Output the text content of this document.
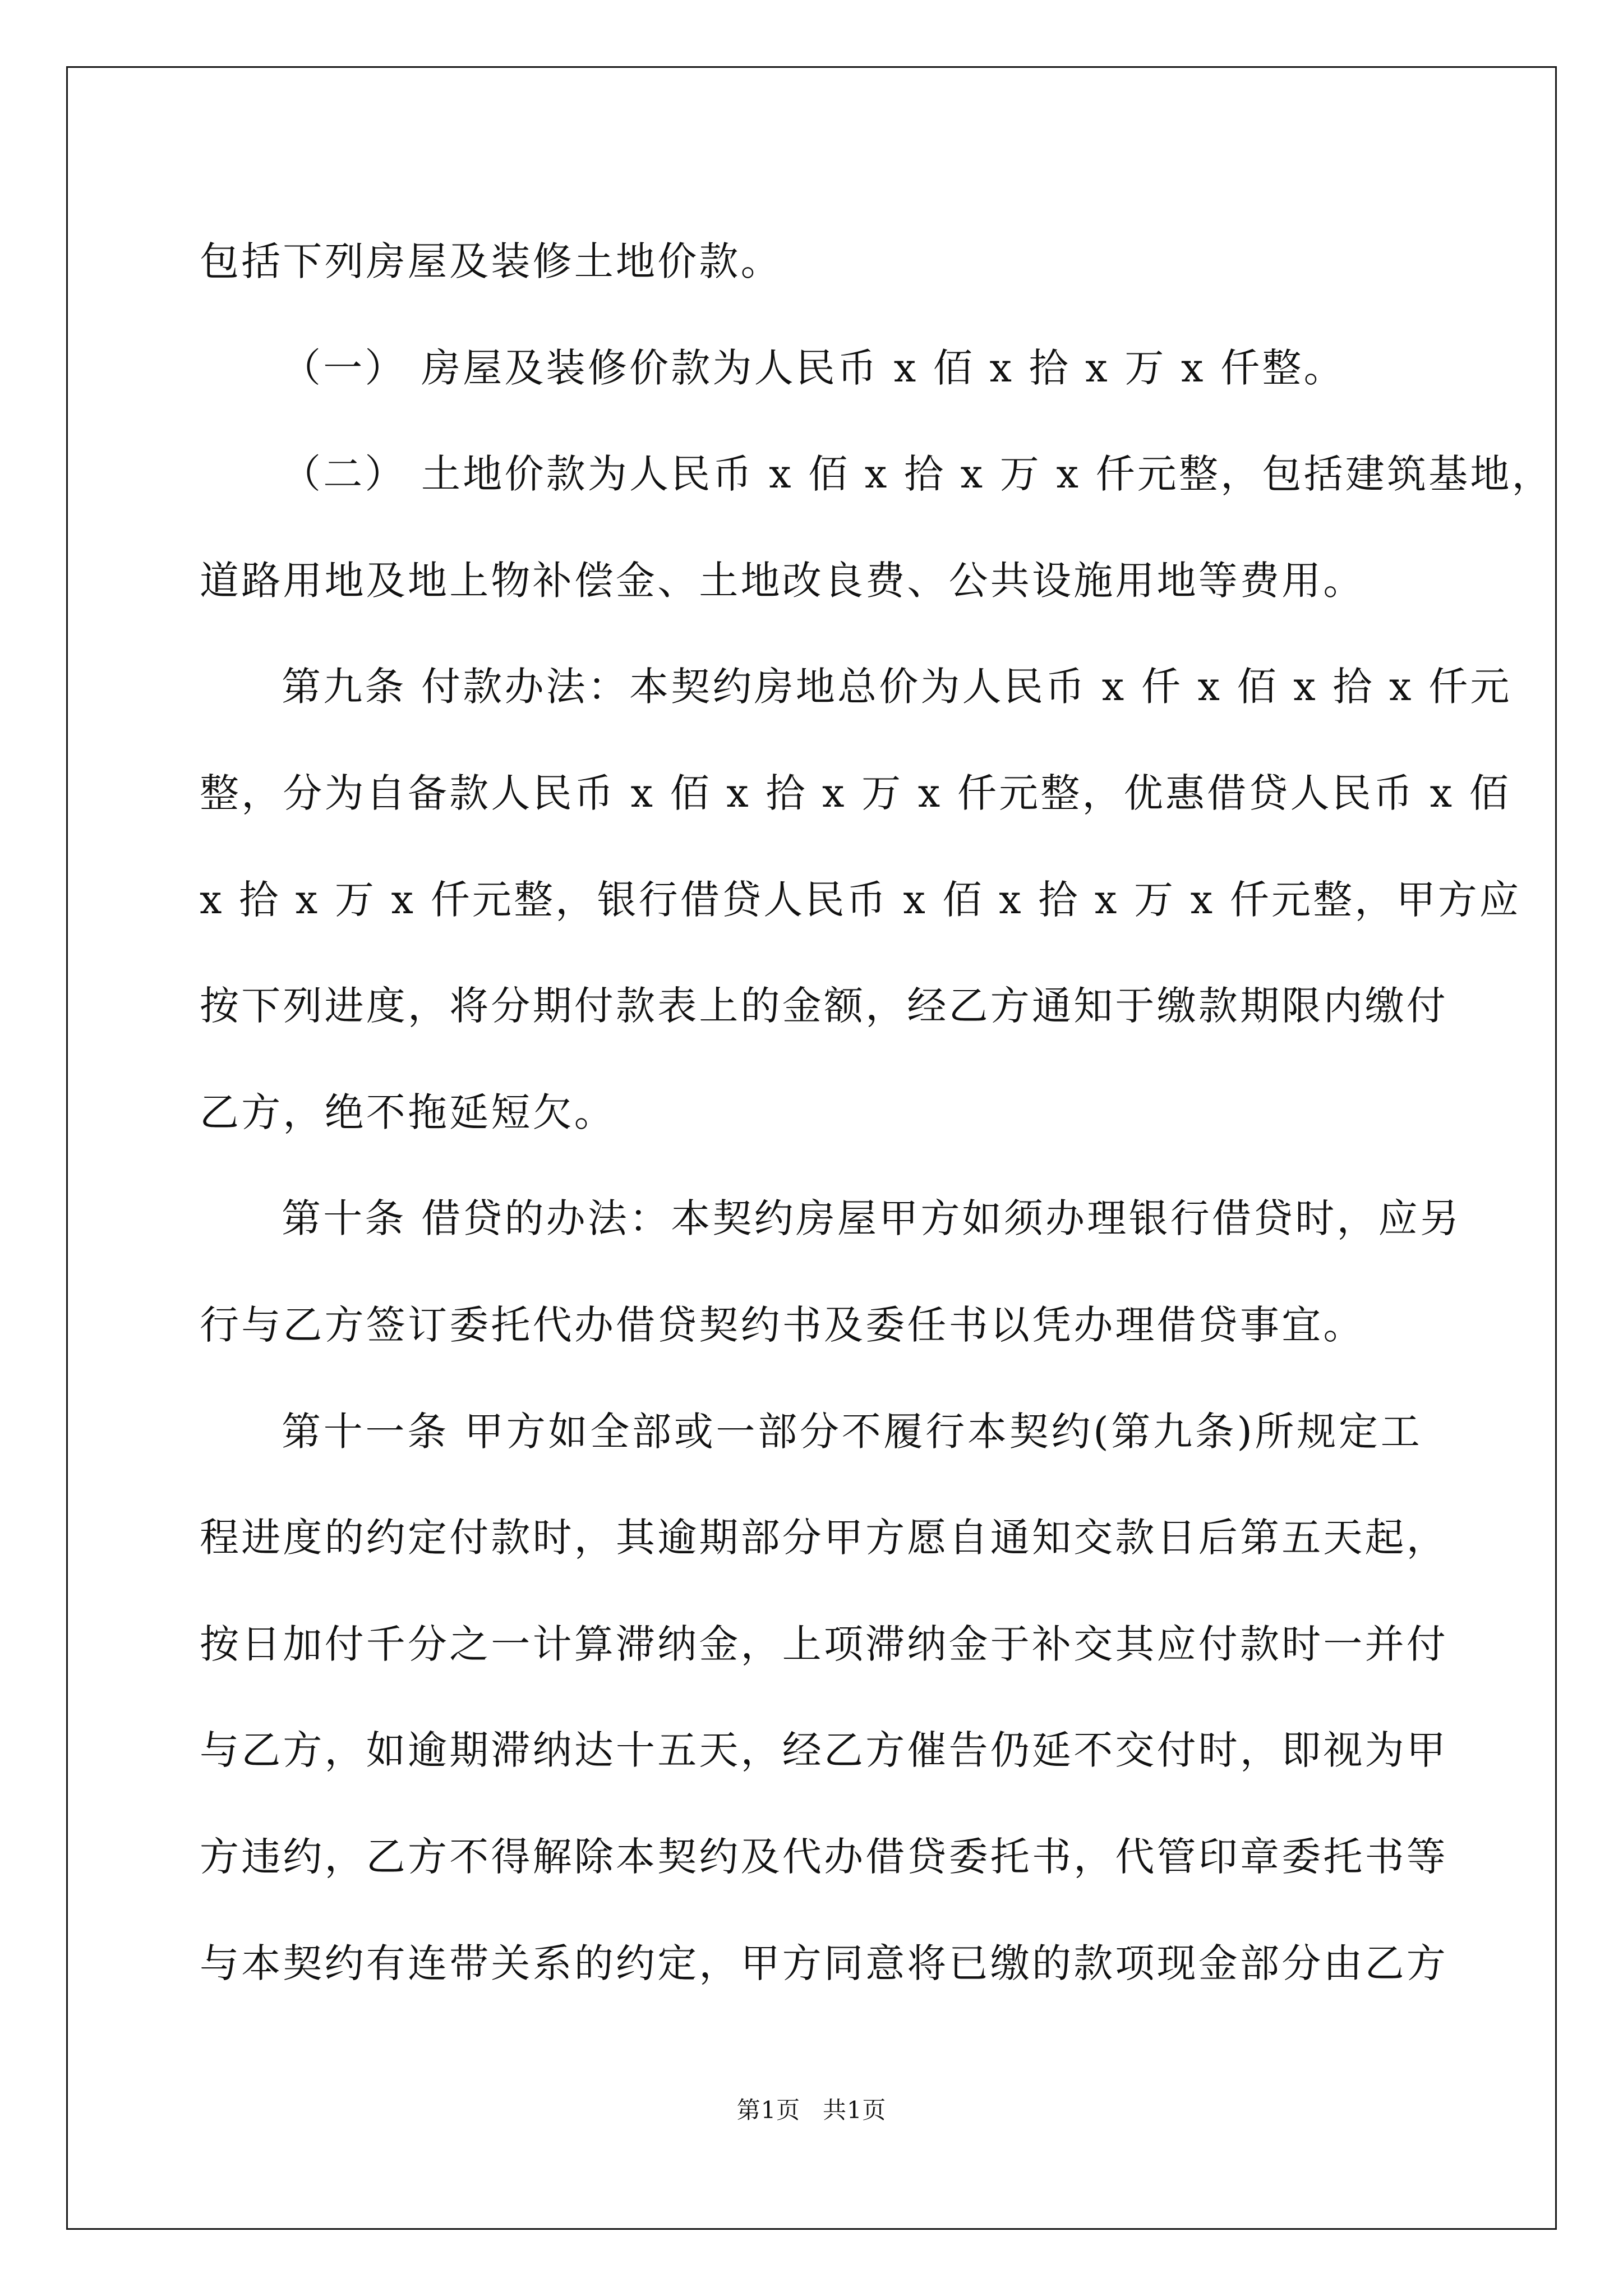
包括下列房屋及装修土地价款。
（一） 房屋及装修价款为人民币 x 佰 x 拾 x 万 x 仟整。
（二） 土地价款为人民币 x 佰 x 拾 x 万 x 仟元整，包括建筑基地，
道路用地及地上物补偿金、土地改良费、公共设施用地等费用。
第九条 付款办法：本契约房地总价为人民币 x 仟 x 佰 x 拾 x 仟元
整，分为自备款人民币 x 佰 x 拾 x 万 x 仟元整，优惠借贷人民币 x 佰
x 拾 x 万 x 仟元整，银行借贷人民币 x 佰 x 拾 x 万 x 仟元整，甲方应
按下列进度，将分期付款表上的金额，经乙方通知于缴款期限内缴付
乙方，绝不拖延短欠。
第十条 借贷的办法：本契约房屋甲方如须办理银行借贷时，应另
行与乙方签订委托代办借贷契约书及委任书以凭办理借贷事宜。
第十一条 甲方如全部或一部分不履行本契约(第九条)所规定工
程进度的约定付款时，其逾期部分甲方愿自通知交款日后第五天起，
按日加付千分之一计算滞纳金，上项滞纳金于补交其应付款时一并付
与乙方，如逾期滞纳达十五天，经乙方催告仍延不交付时，即视为甲
方违约，乙方不得解除本契约及代办借贷委托书，代管印章委托书等
与本契约有连带关系的约定，甲方同意将已缴的款项现金部分由乙方
第1页 共1页
